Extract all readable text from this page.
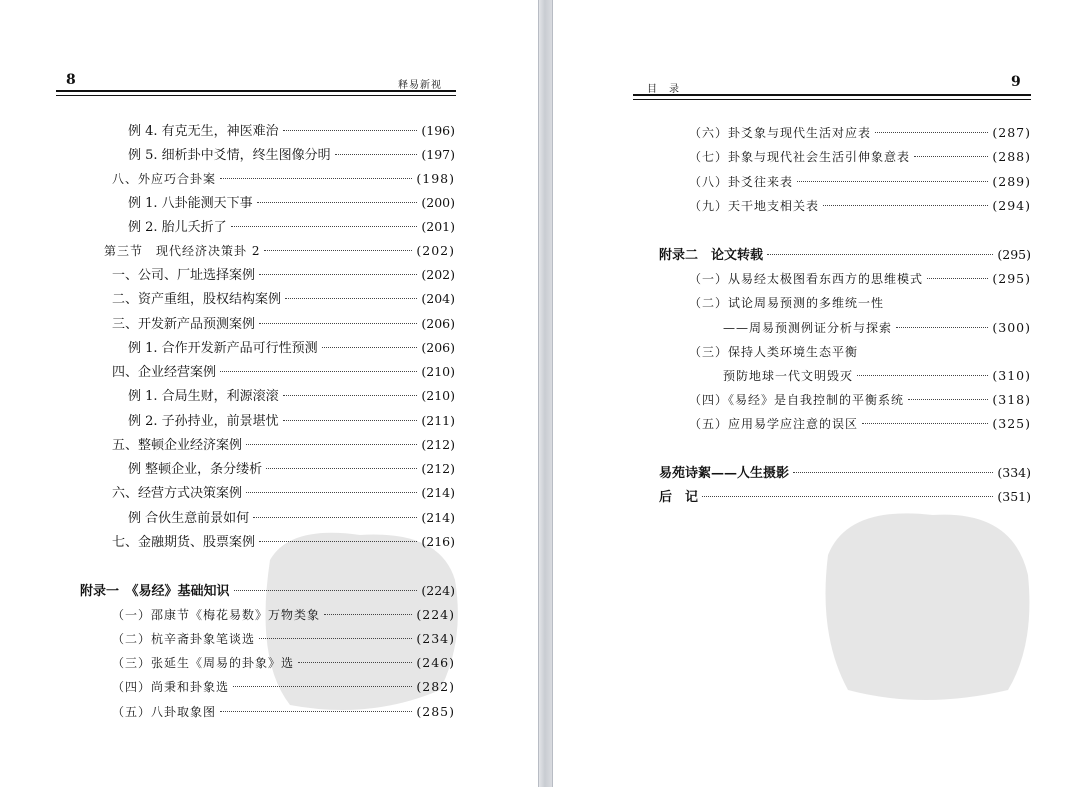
8	释易新视
例 4. 有克无生，神医难治	(196)
例 5. 细析卦中爻情，终生图像分明	(197)
八、外应巧合卦案	(198)
例 1. 八卦能测天下事	(200)
例 2. 胎儿夭折了	(201)
第三节　现代经济决策卦 2	(202)
一、公司、厂址选择案例	(202)
二、资产重组，股权结构案例	(204)
三、开发新产品预测案例	(206)
例 1. 合作开发新产品可行性预测	(206)
四、企业经营案例	(210)
例 1. 合局生财，利源滚滚	(210)
例 2. 子孙持业，前景堪忧	(211)
五、整顿企业经济案例	(212)
例 整顿企业，条分缕析	(212)
六、经营方式决策案例	(214)
例 合伙生意前景如何	(214)
七、金融期货、股票案例	(216)
附录一　《易经》基础知识	(224)
（一）邵康节《梅花易数》万物类象	(224)
（二）杭辛斋卦象笔谈选	(234)
（三）张延生《周易的卦象》选	(246)
（四）尚秉和卦象选	(282)
（五）八卦取象图	(285)
目　录	9
（六）卦爻象与现代生活对应表	(287)
（七）卦象与现代社会生活引伸象意表	(288)
（八）卦爻往来表	(289)
（九）天干地支相关表	(294)
附录二　论文转载	(295)
（一）从易经太极图看东西方的思维模式	(295)
（二）试论周易预测的多维统一性
——周易预测例证分析与探索	(300)
（三）保持人类环境生态平衡
预防地球一代文明毁灭	(310)
（四）《易经》是自我控制的平衡系统	(318)
（五）应用易学应注意的误区	(325)
易苑诗絮——人生摄影	(334)
后　记	(351)
